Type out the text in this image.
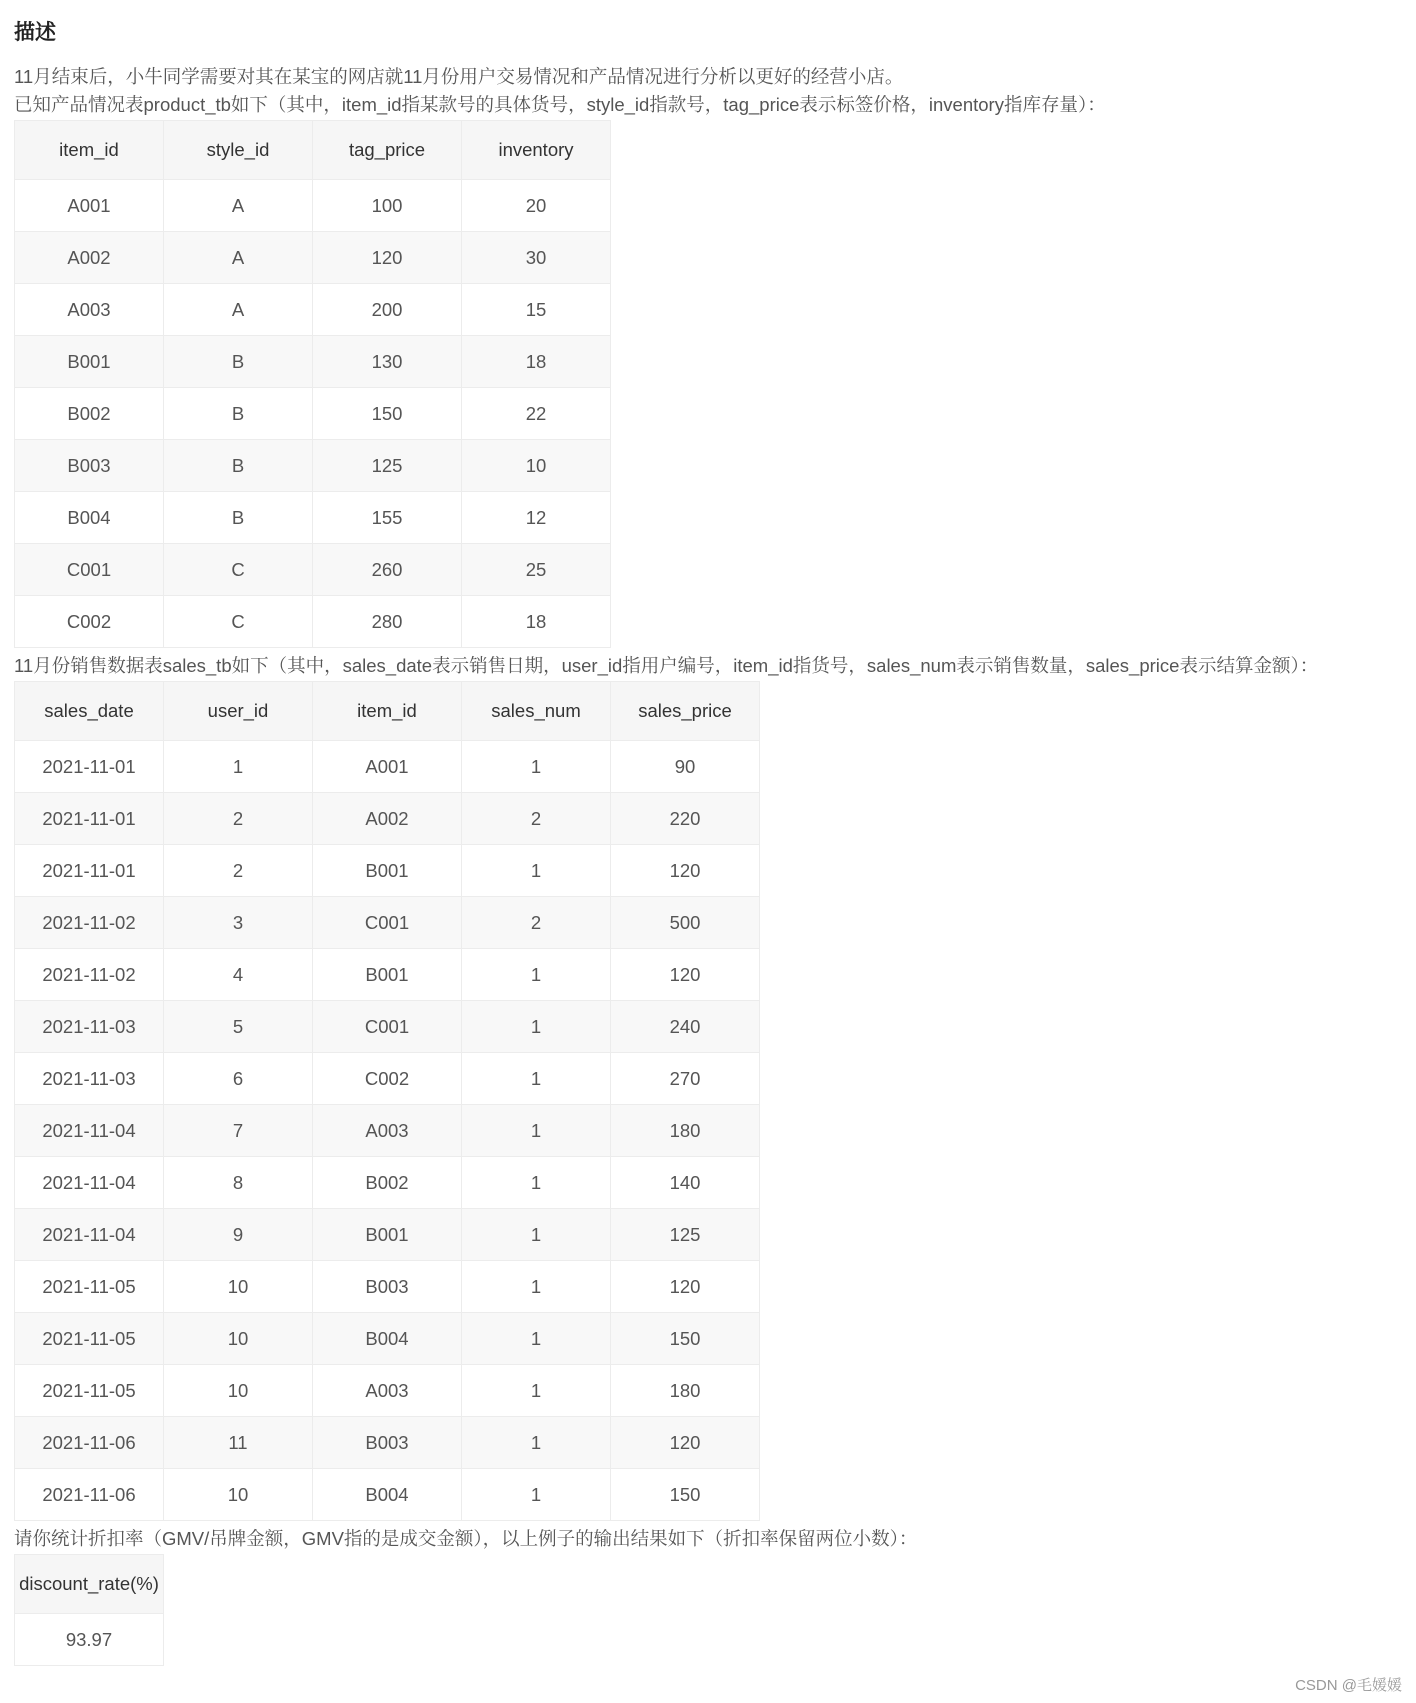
描述

11月结束后，小牛同学需要对其在某宝的网店就11月份用户交易情况和产品情况进行分析以更好的经营小店。

已知产品情况表product_tb如下（其中，item_id指某款号的具体货号，style_id指款号，tag_price表示标签价格，inventory指库存量）：

item_id	style_id	tag_price	inventory
A001	A	100	20
A002	A	120	30
A003	A	200	15
B001	B	130	18
B002	B	150	22
B003	B	125	10
B004	B	155	12
C001	C	260	25
C002	C	280	18

11月份销售数据表sales_tb如下（其中，sales_date表示销售日期，user_id指用户编号，item_id指货号，sales_num表示销售数量，sales_price表示结算金额）：

sales_date	user_id	item_id	sales_num	sales_price
2021-11-01	1	A001	1	90
2021-11-01	2	A002	2	220
2021-11-01	2	B001	1	120
2021-11-02	3	C001	2	500
2021-11-02	4	B001	1	120
2021-11-03	5	C001	1	240
2021-11-03	6	C002	1	270
2021-11-04	7	A003	1	180
2021-11-04	8	B002	1	140
2021-11-04	9	B001	1	125
2021-11-05	10	B003	1	120
2021-11-05	10	B004	1	150
2021-11-05	10	A003	1	180
2021-11-06	11	B003	1	120
2021-11-06	10	B004	1	150

请你统计折扣率（GMV/吊牌金额，GMV指的是成交金额），以上例子的输出结果如下（折扣率保留两位小数）：

discount_rate(%)
93.97
CSDN @毛媛媛
